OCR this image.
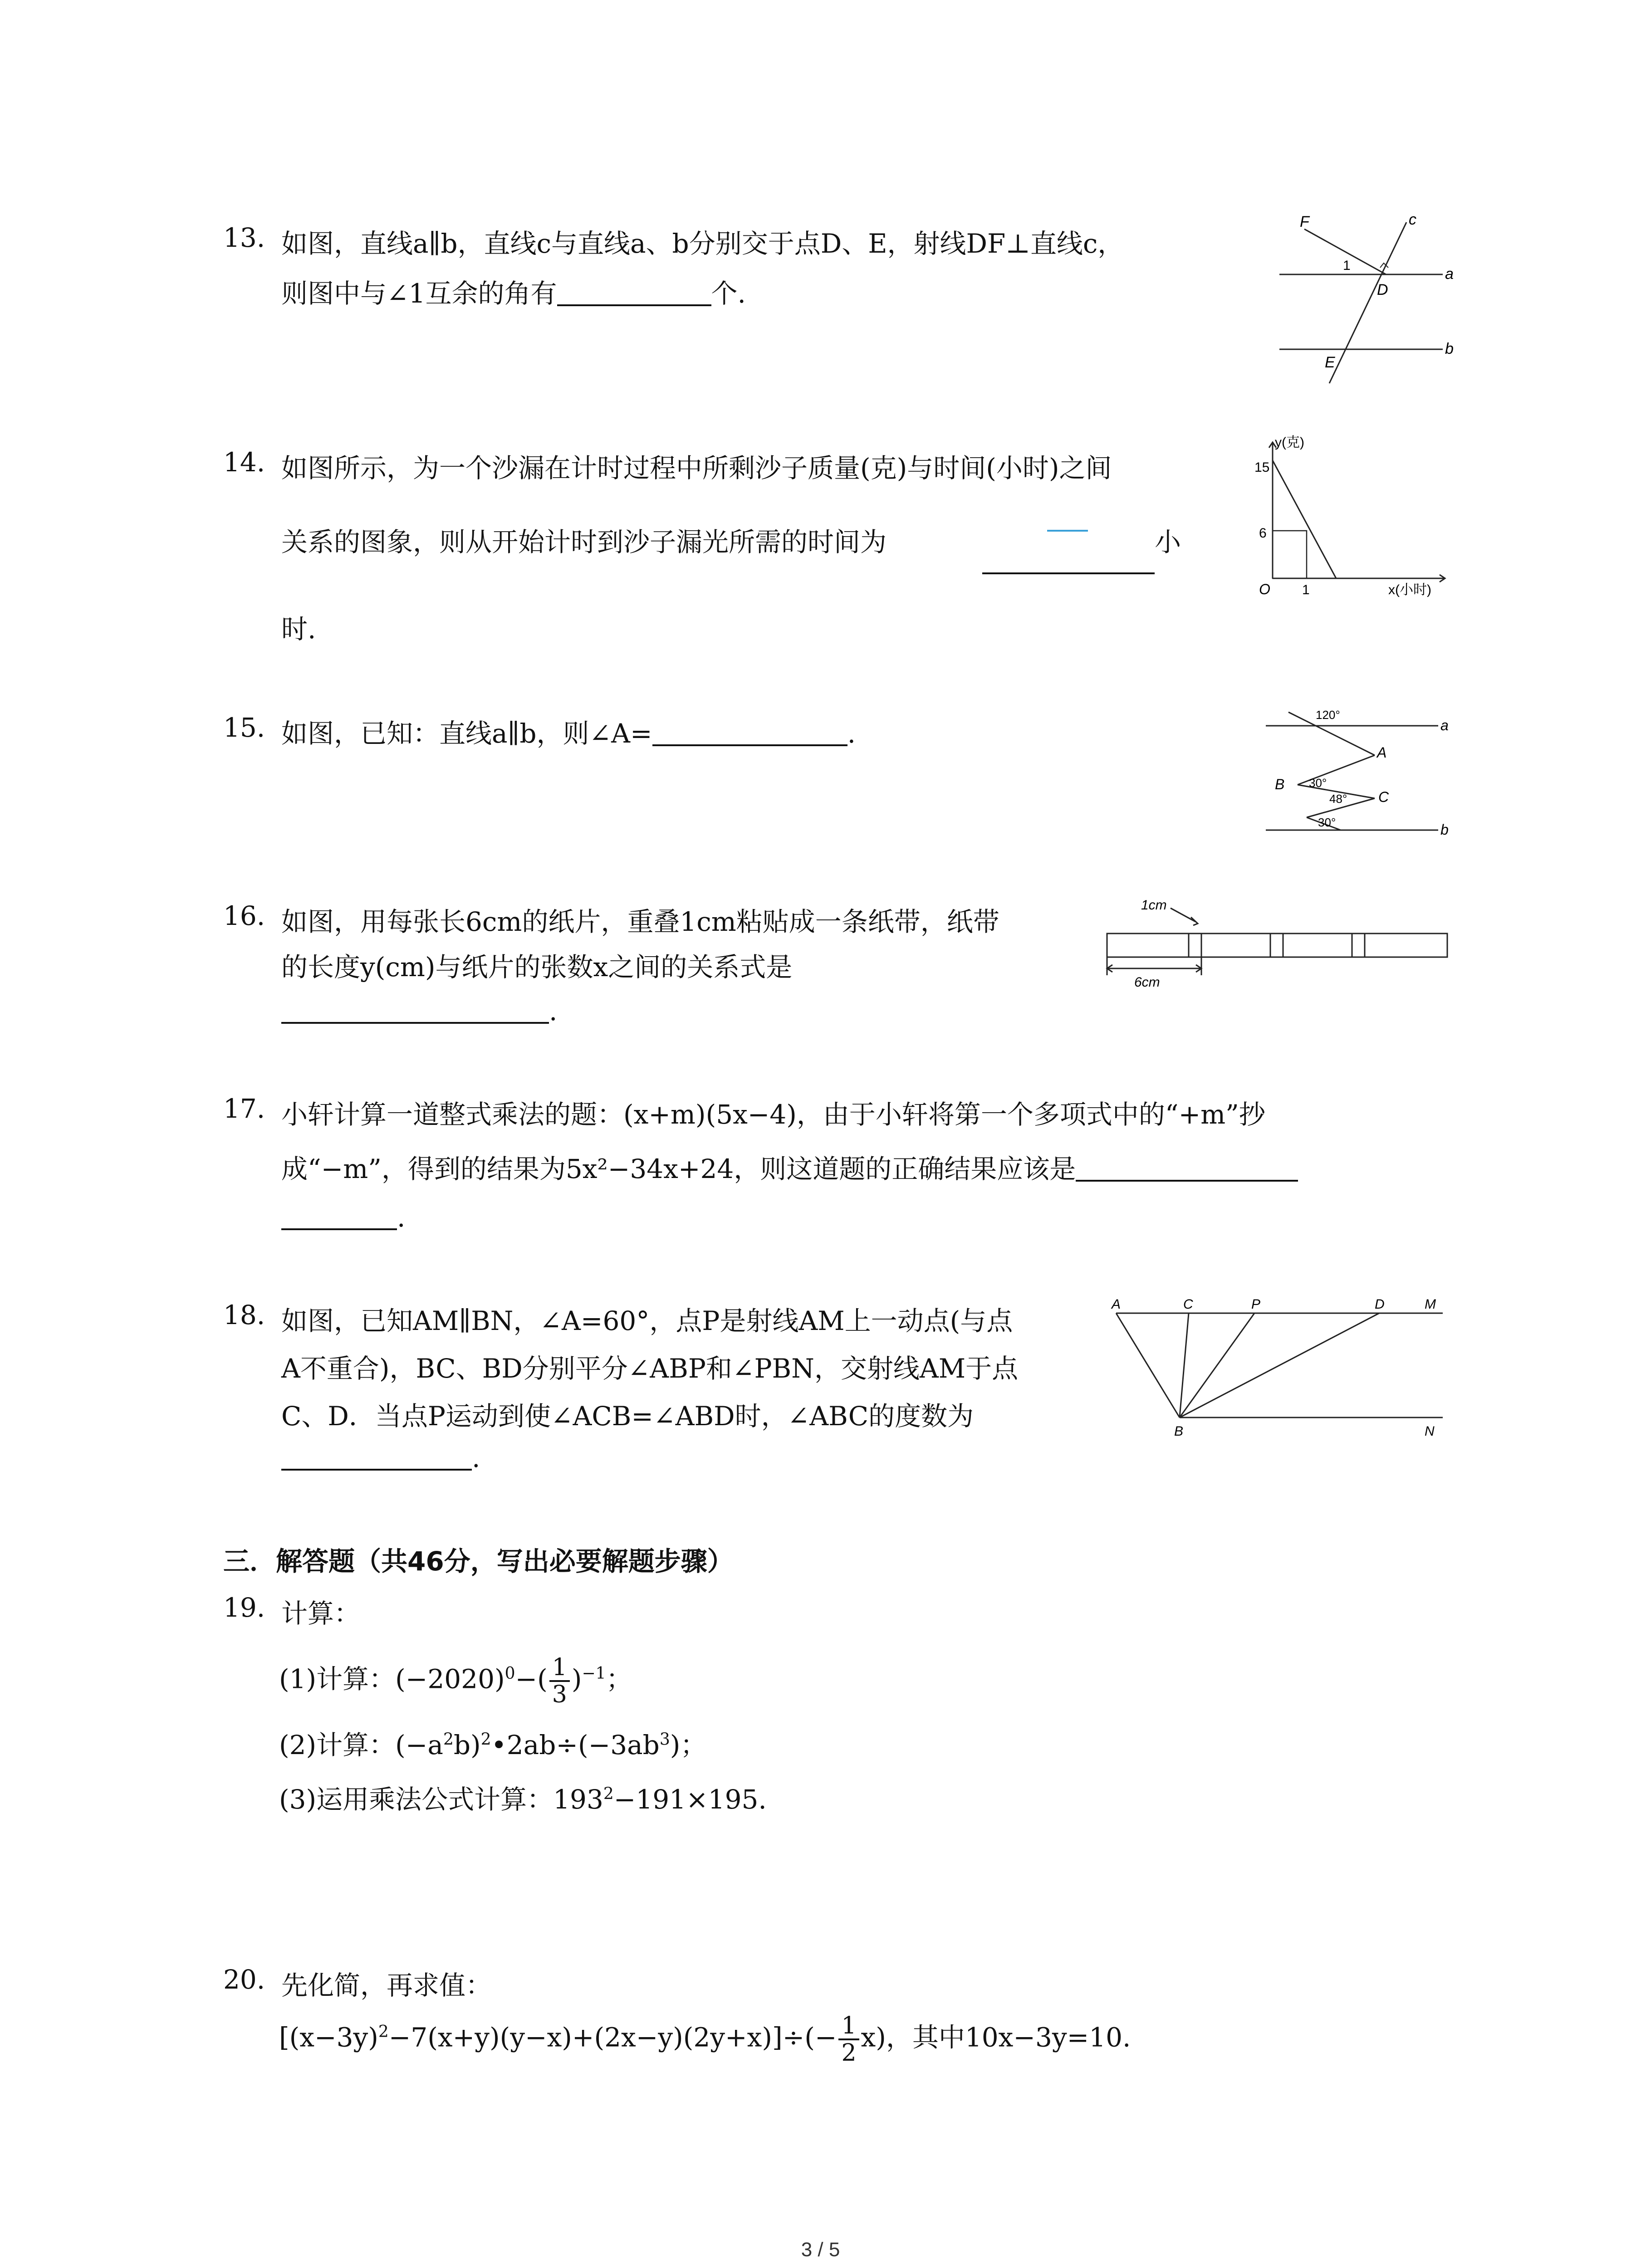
13. 如图，直线a∥b，直线c与直线a、b分别交于点D、E，射线DF⊥直线c，
则图中与∠1互余的角有	个.
F	c
1
D
a
E
b
14. 如图所示，为一个沙漏在计时过程中所剩沙子质量(克)与时间(小时)之间
关系的图象，则从开始计时到沙子漏光所需的时间为	小
时.
y(克)
15
6
O 1	x(小时)
15. 如图，已知：直线a∥b，则∠A=	.
120°
A
a
B 30°
48° C
30°	b
16. 如图，用每张长6cm的纸片，重叠1cm粘贴成一条纸带，纸带
的长度y(cm)与纸片的张数x之间的关系式是
.
1cm
6cm
17. 小轩计算一道整式乘法的题：(x+m)(5x−4)，由于小轩将第一个多项式中的“+m”抄
成“−m”，得到的结果为5x²−34x+24，则这道题的正确结果应该是
.
18. 如图，已知AM∥BN，∠A=60°，点P是射线AM上一动点(与点
A不重合)，BC、BD分别平分∠ABP和∠PBN，交射线AM于点
C、D．当点P运动到使∠ACB=∠ABD时，∠ABC的度数为
.
A	C	P	D	M
B	N
三．解答题（共46分，写出必要解题步骤）
19. 计算：
(1)计算：$(-2020)^0-( \frac{1}{3} )^{-1}$；
(2)计算：$(-a^2b)^2•2ab\div(-3ab^3)$；
(3)运用乘法公式计算：$193^2-191\times 195$.
20. 先化简，再求值：
$[(x-3y)^2-7(x+y)(y-x)+(2x-y)(2y+x)]\div(- \frac{1}{2} x)$，其中10x−3y=10.
3 / 5
